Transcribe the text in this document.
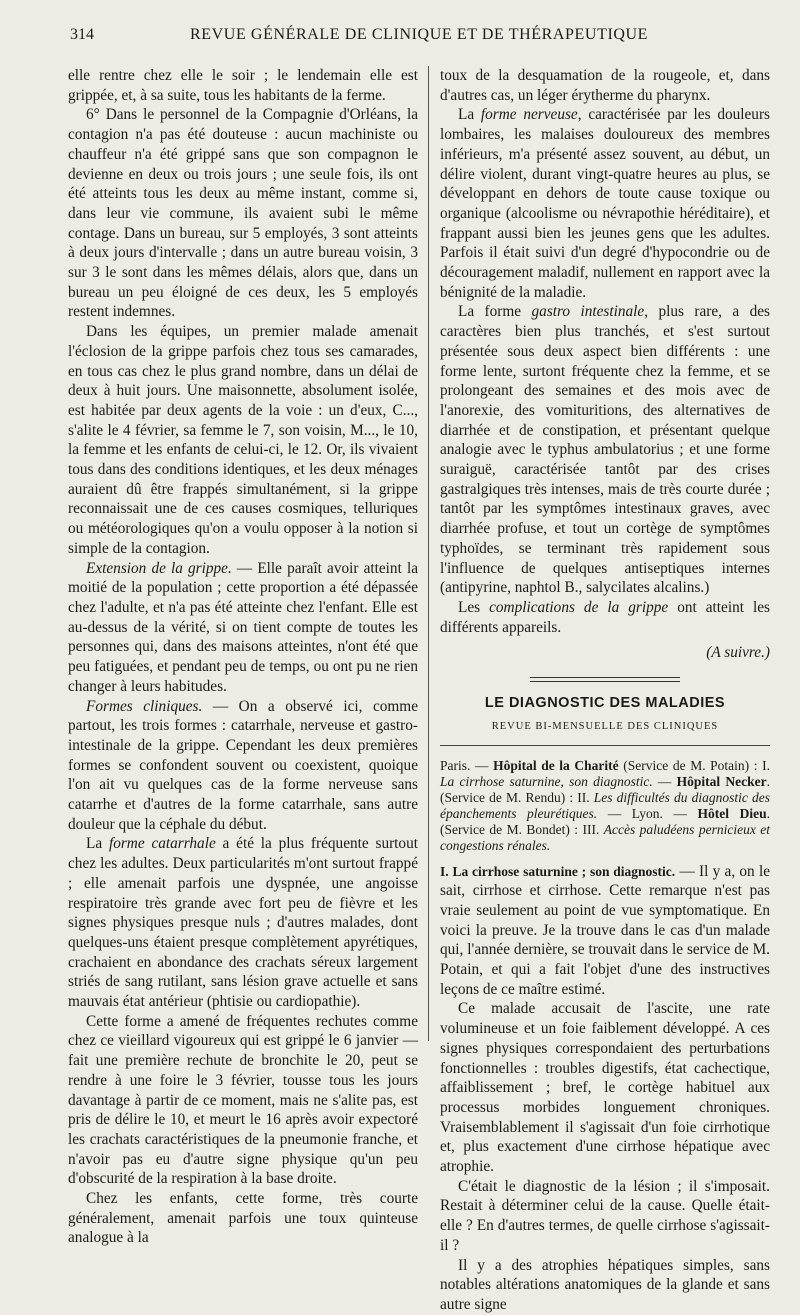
314	REVUE GÉNÉRALE DE CLINIQUE ET DE THÉRAPEUTIQUE

elle rentre chez elle le soir ; le lendemain elle est grippée, et, à sa suite, tous les habitants de la ferme.

6° Dans le personnel de la Compagnie d'Orléans, la contagion n'a pas été douteuse : aucun machiniste ou chauffeur n'a été grippé sans que son compagnon le devienne en deux ou trois jours ; une seule fois, ils ont été atteints tous les deux au même instant, comme si, dans leur vie commune, ils avaient subi le même contage. Dans un bureau, sur 5 employés, 3 sont atteints à deux jours d'intervalle ; dans un autre bureau voisin, 3 sur 3 le sont dans les mêmes délais, alors que, dans un bureau un peu éloigné de ces deux, les 5 employés restent indemnes.

Dans les équipes, un premier malade amenait l'éclosion de la grippe parfois chez tous ses camarades, en tous cas chez le plus grand nombre, dans un délai de deux à huit jours. Une maisonnette, absolument isolée, est habitée par deux agents de la voie : un d'eux, C..., s'alite le 4 février, sa femme le 7, son voisin, M..., le 10, la femme et les enfants de celui-ci, le 12. Or, ils vivaient tous dans des conditions identiques, et les deux ménages auraient dû être frappés simultanément, si la grippe reconnaissait une de ces causes cosmiques, telluriques ou météorologiques qu'on a voulu opposer à la notion si simple de la contagion.

Extension de la grippe. — Elle paraît avoir atteint la moitié de la population ; cette proportion a été dépassée chez l'adulte, et n'a pas été atteinte chez l'enfant. Elle est au-dessus de la vérité, si on tient compte de toutes les personnes qui, dans des maisons atteintes, n'ont été que peu fatiguées, et pendant peu de temps, ou ont pu ne rien changer à leurs habitudes.

Formes cliniques. — On a observé ici, comme partout, les trois formes : catarrhale, nerveuse et gastro-intestinale de la grippe. Cependant les deux premières formes se confondent souvent ou coexistent, quoique l'on ait vu quelques cas de la forme nerveuse sans catarrhe et d'autres de la forme catarrhale, sans autre douleur que la céphale du début.

La forme catarrhale a été la plus fréquente surtout chez les adultes. Deux particularités m'ont surtout frappé ; elle amenait parfois une dyspnée, une angoisse respiratoire très grande avec fort peu de fièvre et les signes physiques presque nuls ; d'autres malades, dont quelques-uns étaient presque complètement apyrétiques, crachaient en abondance des crachats séreux largement striés de sang rutilant, sans lésion grave actuelle et sans mauvais état antérieur (phtisie ou cardiopathie).

Cette forme a amené de fréquentes rechutes comme chez ce vieillard vigoureux qui est grippé le 6 janvier — fait une première rechute de bronchite le 20, peut se rendre à une foire le 3 février, tousse tous les jours davantage à partir de ce moment, mais ne s'alite pas, est pris de délire le 10, et meurt le 16 après avoir expectoré les crachats caractéristiques de la pneumonie franche, et n'avoir pas eu d'autre signe physique qu'un peu d'obscurité de la respiration à la base droite.

Chez les enfants, cette forme, très courte généralement, amenait parfois une toux quinteuse analogue à la

toux de la desquamation de la rougeole, et, dans d'autres cas, un léger érytherme du pharynx.

La forme nerveuse, caractérisée par les douleurs lombaires, les malaises douloureux des membres inférieurs, m'a présenté assez souvent, au début, un délire violent, durant vingt-quatre heures au plus, se développant en dehors de toute cause toxique ou organique (alcoolisme ou névrapothie héréditaire), et frappant aussi bien les jeunes gens que les adultes. Parfois il était suivi d'un degré d'hypocondrie ou de découragement maladif, nullement en rapport avec la bénignité de la maladie.

La forme gastro intestinale, plus rare, a des caractères bien plus tranchés, et s'est surtout présentée sous deux aspect bien différents : une forme lente, surtont fréquente chez la femme, et se prolongeant des semaines et des mois avec de l'anorexie, des vomituritions, des alternatives de diarrhée et de constipation, et présentant quelque analogie avec le typhus ambulatorius ; et une forme suraiguë, caractérisée tantôt par des crises gastralgiques très intenses, mais de très courte durée ; tantôt par les symptômes intestinaux graves, avec diarrhée profuse, et tout un cortège de symptômes typhoïdes, se terminant très rapidement sous l'influence de quelques antiseptiques internes (antipyrine, naphtol B., salycilates alcalins.)

Les complications de la grippe ont atteint les différents appareils.

(A suivre.)

LE DIAGNOSTIC DES MALADIES

REVUE BI-MENSUELLE DES CLINIQUES

Paris. — Hôpital de la Charité (Service de M. Potain) : I. La cirrhose saturnine, son diagnostic. — Hôpital Necker. (Service de M. Rendu) : II. Les difficultés du diagnostic des épanchements pleurétiques. — Lyon. — Hôtel Dieu. (Service de M. Bondet) : III. Accès paludéens pernicieux et congestions rénales.

I. La cirrhose saturnine ; son diagnostic. — Il y a, on le sait, cirrhose et cirrhose. Cette remarque n'est pas vraie seulement au point de vue symptomatique. En voici la preuve. Je la trouve dans le cas d'un malade qui, l'année dernière, se trouvait dans le service de M. Potain, et qui a fait l'objet d'une des instructives leçons de ce maître estimé.

Ce malade accusait de l'ascite, une rate volumineuse et un foie faiblement développé. A ces signes physiques correspondaient des perturbations fonctionnelles : troubles digestifs, état cachectique, affaiblissement ; bref, le cortège habituel aux processus morbides longuement chroniques. Vraisemblablement il s'agissait d'un foie cirrhotique et, plus exactement d'une cirrhose hépatique avec atrophie.

C'était le diagnostic de la lésion ; il s'imposait. Restait à déterminer celui de la cause. Quelle était-elle ? En d'autres termes, de quelle cirrhose s'agissait-il ?

Il y a des atrophies hépatiques simples, sans notables altérations anatomiques de la glande et sans autre signe
